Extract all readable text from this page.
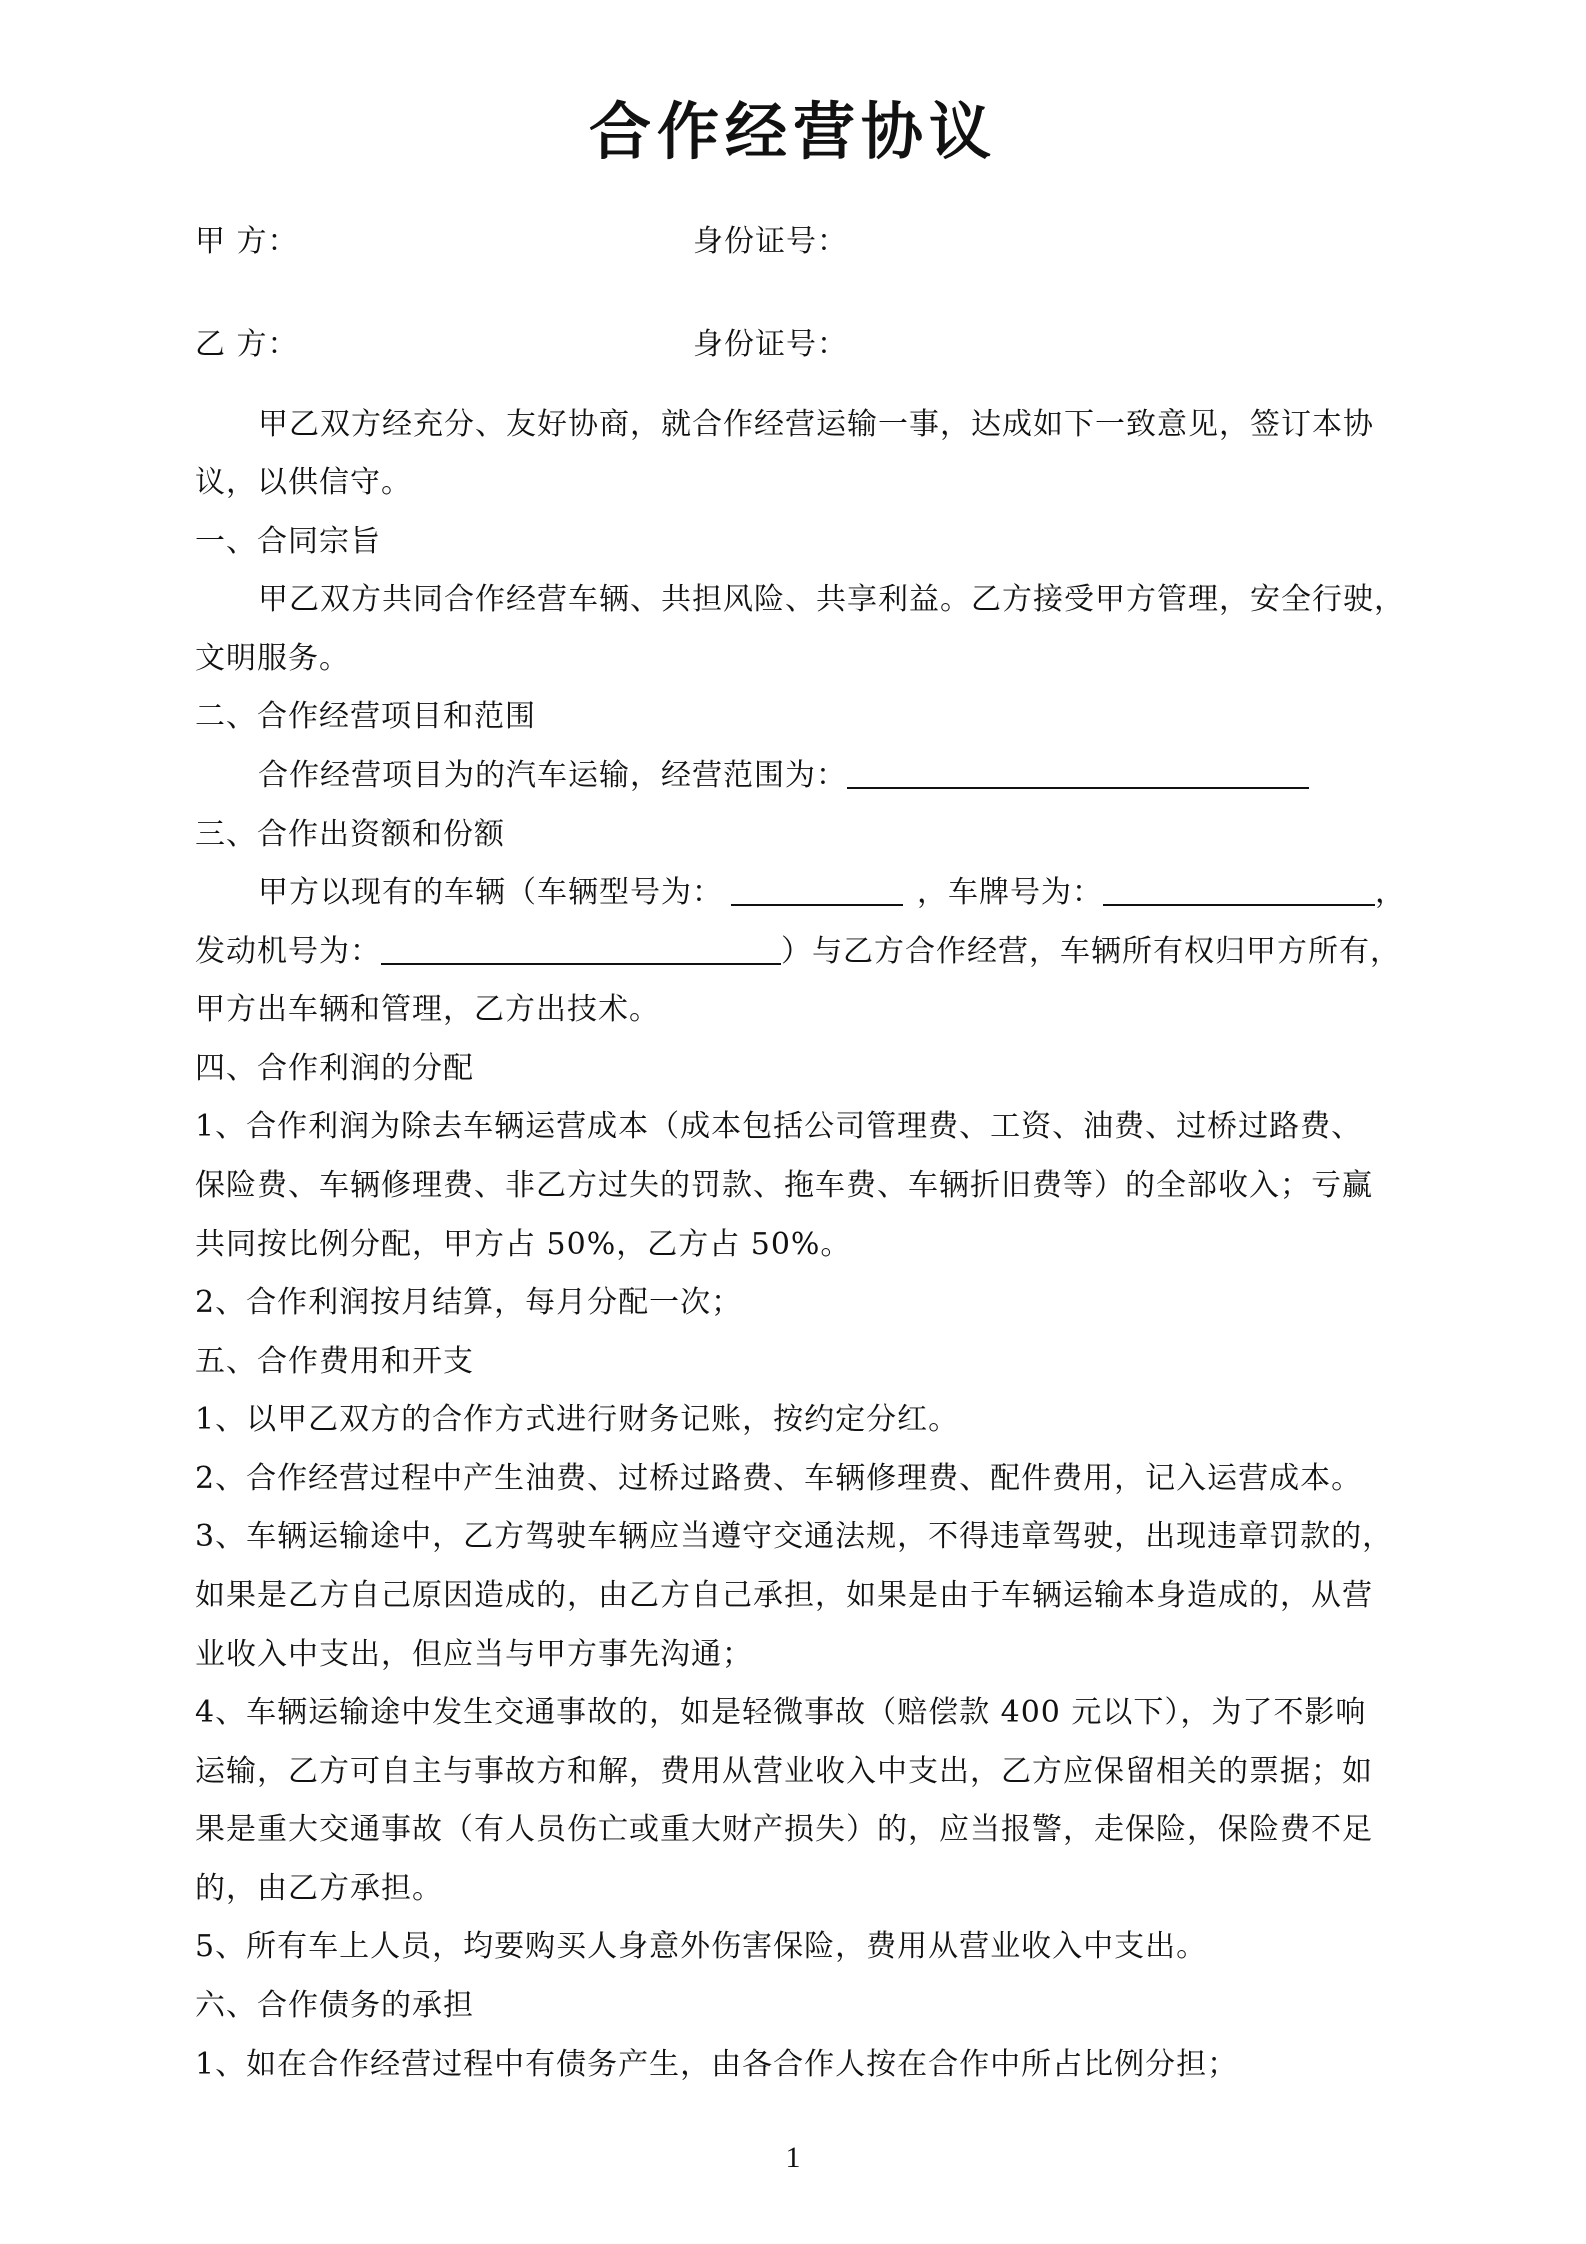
合作经营协议
甲 方：	身份证号：
乙 方：	身份证号：
甲乙双方经充分、友好协商，就合作经营运输一事，达成如下一致意见，签订本协
议，以供信守。
一、合同宗旨
甲乙双方共同合作经营车辆、共担风险、共享利益。乙方接受甲方管理，安全行驶，
文明服务。
二、合作经营项目和范围
合作经营项目为的汽车运输，经营范围为：
三、合作出资额和份额
甲方以现有的车辆（车辆型号为：	，车牌号为：	，
发动机号为：	）与乙方合作经营，车辆所有权归甲方所有，
甲方出车辆和管理，乙方出技术。
四、合作利润的分配
1、合作利润为除去车辆运营成本（成本包括公司管理费、工资、油费、过桥过路费、
保险费、车辆修理费、非乙方过失的罚款、拖车费、车辆折旧费等）的全部收入；亏赢
共同按比例分配，甲方占 50%，乙方占 50%。
2、合作利润按月结算，每月分配一次；
五、合作费用和开支
1、以甲乙双方的合作方式进行财务记账，按约定分红。
2、合作经营过程中产生油费、过桥过路费、车辆修理费、配件费用，记入运营成本。
3、车辆运输途中，乙方驾驶车辆应当遵守交通法规，不得违章驾驶，出现违章罚款的，
如果是乙方自己原因造成的，由乙方自己承担，如果是由于车辆运输本身造成的，从营
业收入中支出，但应当与甲方事先沟通；
4、车辆运输途中发生交通事故的，如是轻微事故（赔偿款 400 元以下），为了不影响
运输，乙方可自主与事故方和解，费用从营业收入中支出，乙方应保留相关的票据；如
果是重大交通事故（有人员伤亡或重大财产损失）的，应当报警，走保险，保险费不足
的，由乙方承担。
5、所有车上人员，均要购买人身意外伤害保险，费用从营业收入中支出。
六、合作债务的承担
1、如在合作经营过程中有债务产生，由各合作人按在合作中所占比例分担；
1
